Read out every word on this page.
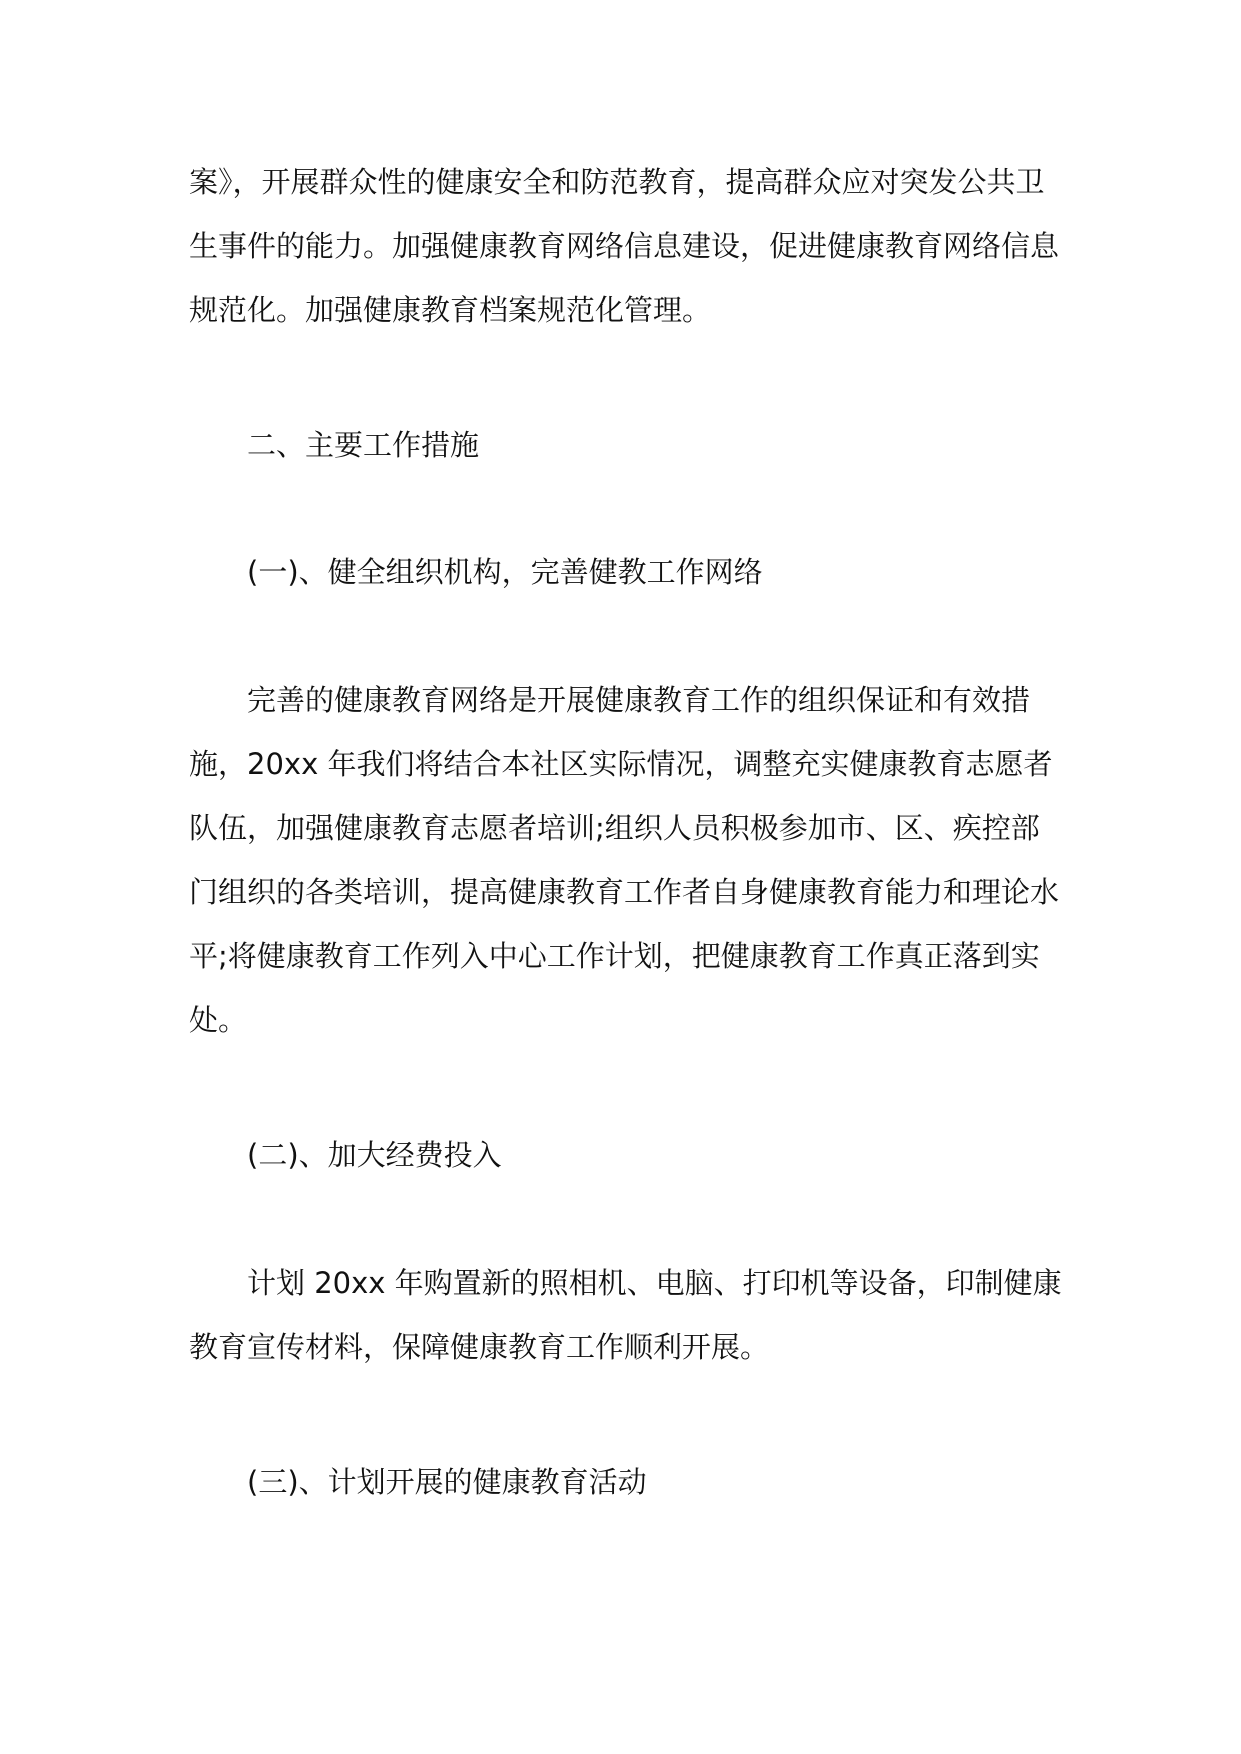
案》，开展群众性的健康安全和防范教育，提高群众应对突发公共卫
生事件的能力。加强健康教育网络信息建设，促进健康教育网络信息
规范化。加强健康教育档案规范化管理。
二、主要工作措施
(一)、健全组织机构，完善健教工作网络
完善的健康教育网络是开展健康教育工作的组织保证和有效措
施，20xx 年我们将结合本社区实际情况，调整充实健康教育志愿者
队伍，加强健康教育志愿者培训;组织人员积极参加市、区、疾控部
门组织的各类培训，提高健康教育工作者自身健康教育能力和理论水
平;将健康教育工作列入中心工作计划，把健康教育工作真正落到实
处。
(二)、加大经费投入
计划 20xx 年购置新的照相机、电脑、打印机等设备，印制健康
教育宣传材料，保障健康教育工作顺利开展。
(三)、计划开展的健康教育活动
